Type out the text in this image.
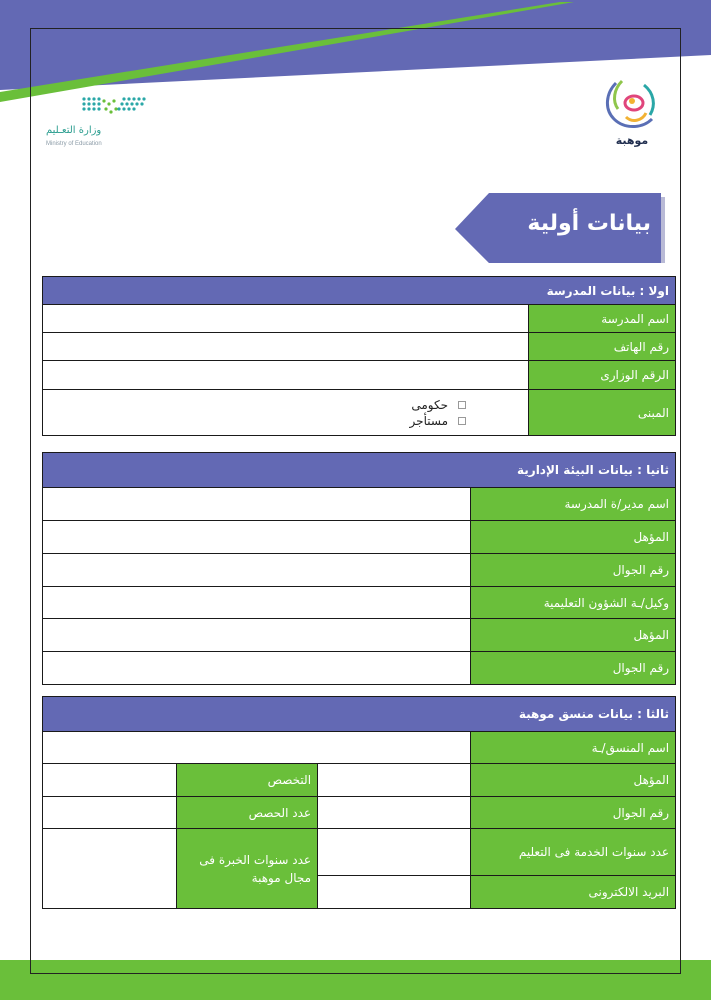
موهبة
وزارة التعـليم
Ministry of Education
بيانات أولية
اولا : بيانات المدرسة	
اسم المدرسة	
رقم الهاتف	
الرقم الوزارى	
المبنى	حكومى
مستأجر
ثانيا : بيانات البيئة الإدارية	
اسم مدير/ة المدرسة	
المؤهل	
رقم الجوال	
وكيل/ـة الشؤون التعليمية	
المؤهل	
رقم الجوال	
ثالثا : بيانات منسق موهبة			
اسم المنسق/ـة			
المؤهل		التخصص	
رقم الجوال		عدد الحصص	
عدد سنوات الخدمة فى التعليم		عدد سنوات الخبرة فى مجال موهبة	
البريد الالكترونى			
